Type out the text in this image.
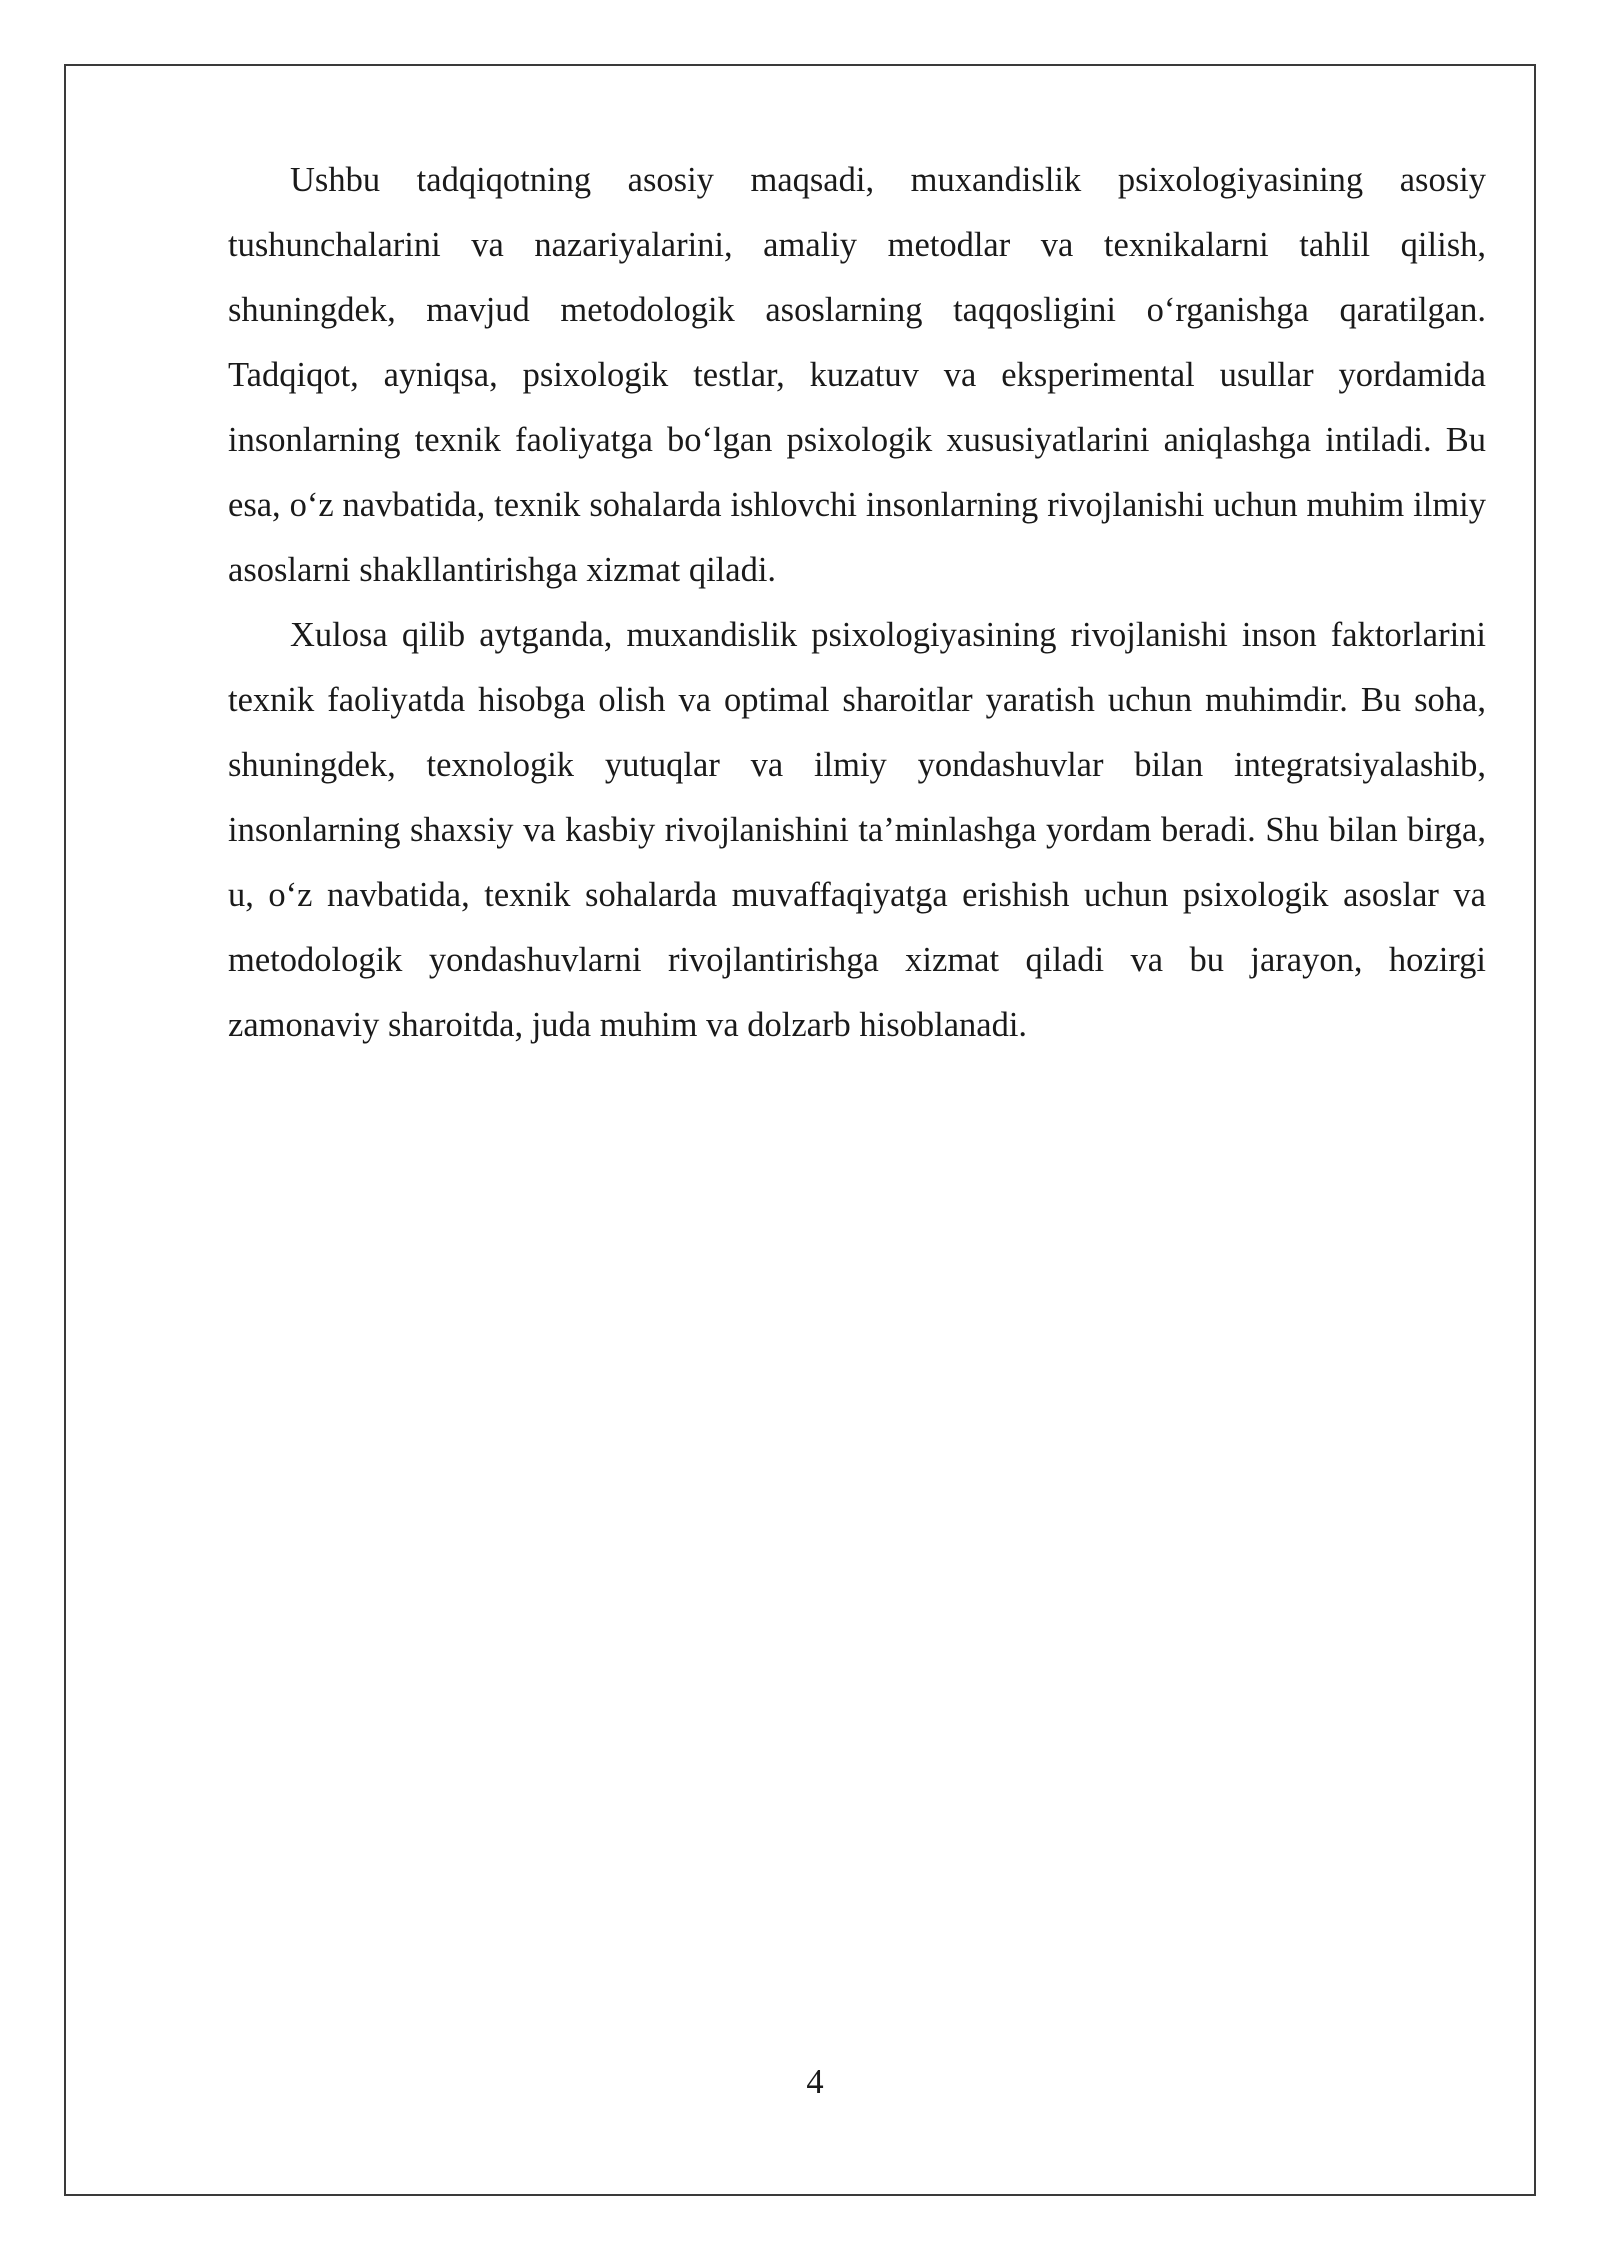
Ushbu tadqiqotning asosiy maqsadi, muxandislik psixologiyasining asosiy tushunchalarini va nazariyalarini, amaliy metodlar va texnikalarni tahlil qilish, shuningdek, mavjud metodologik asoslarning taqqosligini o‘rganishga qaratilgan. Tadqiqot, ayniqsa, psixologik testlar, kuzatuv va eksperimental usullar yordamida insonlarning texnik faoliyatga bo‘lgan psixologik xususiyatlarini aniqlashga intiladi. Bu esa, o‘z navbatida, texnik sohalarda ishlovchi insonlarning rivojlanishi uchun muhim ilmiy asoslarni shakllantirishga xizmat qiladi.

Xulosa qilib aytganda, muxandislik psixologiyasining rivojlanishi inson faktorlarini texnik faoliyatda hisobga olish va optimal sharoitlar yaratish uchun muhimdir. Bu soha, shuningdek, texnologik yutuqlar va ilmiy yondashuvlar bilan integratsiyalashib, insonlarning shaxsiy va kasbiy rivojlanishini ta’minlashga yordam beradi. Shu bilan birga, u, o‘z navbatida, texnik sohalarda muvaffaqiyatga erishish uchun psixologik asoslar va metodologik yondashuvlarni rivojlantirishga xizmat qiladi va bu jarayon, hozirgi zamonaviy sharoitda, juda muhim va dolzarb hisoblanadi.

4
